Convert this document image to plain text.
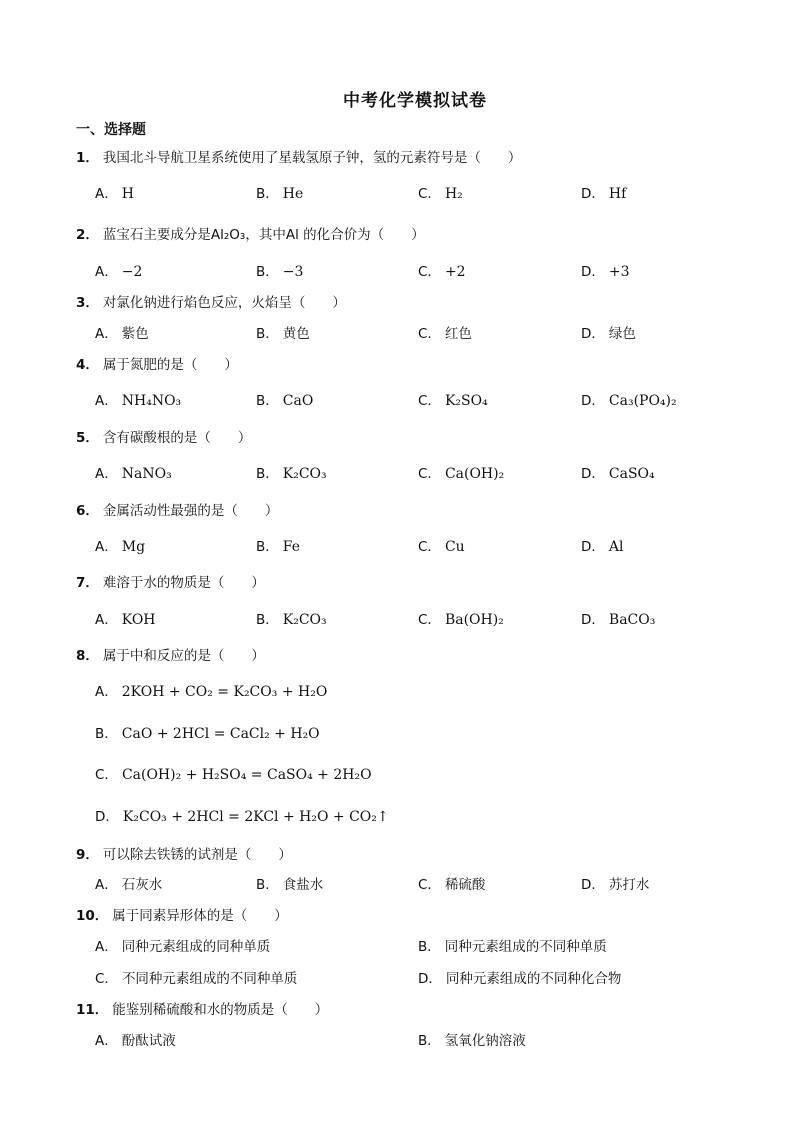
中考化学模拟试卷
一、选择题
1． 我国北斗导航卫星系统使用了星载氢原子钟，氢的元素符号是（　　）
A． H	B． He	C． H₂	D． Hf
2． 蓝宝石主要成分是Al₂O₃，其中Al 的化合价为（　　）
A． −2	B． −3	C． +2	D． +3
3． 对氯化钠进行焰色反应，火焰呈（　　）
A． 紫色	B． 黄色	C． 红色	D． 绿色
4． 属于氮肥的是（　　）
A． NH₄NO₃	B． CaO	C． K₂SO₄	D． Ca₃(PO₄)₂
5． 含有碳酸根的是（　　）
A． NaNO₃	B． K₂CO₃	C． Ca(OH)₂	D． CaSO₄
6． 金属活动性最强的是（　　）
A． Mg	B． Fe	C． Cu	D． Al
7． 难溶于水的物质是（　　）
A． KOH	B． K₂CO₃	C． Ba(OH)₂	D． BaCO₃
8． 属于中和反应的是（　　）
A． 2KOH + CO₂ = K₂CO₃ + H₂O
B． CaO + 2HCl = CaCl₂ + H₂O
C． Ca(OH)₂ + H₂SO₄ = CaSO₄ + 2H₂O
D． K₂CO₃ + 2HCl = 2KCl + H₂O + CO₂↑
9． 可以除去铁锈的试剂是（　　）
A． 石灰水	B． 食盐水	C． 稀硫酸	D． 苏打水
10． 属于同素异形体的是（　　）
A． 同种元素组成的同种单质	B． 同种元素组成的不同种单质
C． 不同种元素组成的不同种单质	D． 同种元素组成的不同种化合物
11． 能鉴别稀硫酸和水的物质是（　　）
A． 酚酞试液	B． 氢氧化钠溶液
